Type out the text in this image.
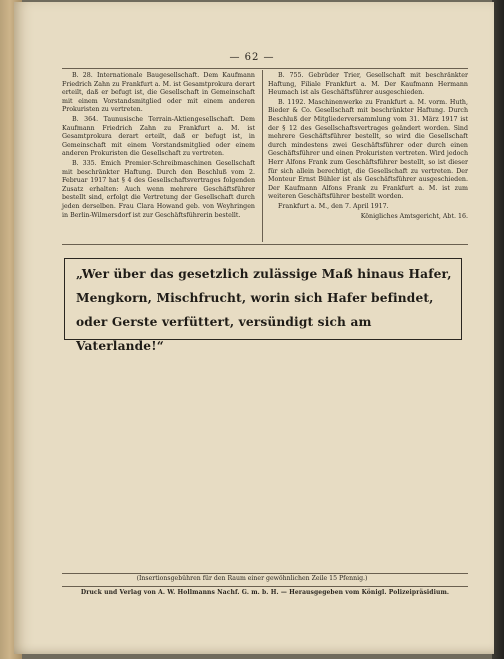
— 62 —

B. 28. Internationale Baugesellschaft. Dem Kaufmann Friedrich Zahn zu Frankfurt a. M. ist Gesamtprokura derart erteilt, daß er befugt ist, die Gesellschaft in Gemeinschaft mit einem Vorstandsmitglied oder mit einem anderen Prokuristen zu vertreten.

B. 364. Taunusische Terrain-Aktiengesellschaft. Dem Kaufmann Friedrich Zahn zu Frankfurt a. M. ist Gesamtprokura derart erteilt, daß er befugt ist, in Gemeinschaft mit einem Vorstandsmitglied oder einem anderen Prokuristen die Gesellschaft zu vertreten.

B. 335. Emich Premier-Schreibmaschinen Gesellschaft mit beschränkter Haftung. Durch den Beschluß vom 2. Februar 1917 hat § 4 des Gesellschaftsvertrages folgenden Zusatz erhalten: Auch wenn mehrere Geschäftsführer bestellt sind, erfolgt die Vertretung der Gesellschaft durch jeden derselben. Frau Clara Howand geb. von Weyhringen in Berlin-Wilmersdorf ist zur Geschäftsführerin bestellt.

B. 755. Gebrüder Trier, Gesellschaft mit beschränkter Haftung, Filiale Frankfurt a. M. Der Kaufmann Hermann Heumach ist als Geschäftsführer ausgeschieden.

B. 1192. Maschinenwerke zu Frankfurt a. M. vorm. Huth, Bieder & Co. Gesellschaft mit beschränkter Haftung. Durch Beschluß der Mitgliederversammlung vom 31. März 1917 ist der § 12 des Gesellschaftsvertrages geändert worden. Sind mehrere Geschäftsführer bestellt, so wird die Gesellschaft durch mindestens zwei Geschäftsführer oder durch einen Geschäftsführer und einen Prokuristen vertreten. Wird jedoch Herr Alfons Frank zum Geschäftsführer bestellt, so ist dieser für sich allein berechtigt, die Gesellschaft zu vertreten. Der Monteur Ernst Bühler ist als Geschäftsführer ausgeschieden. Der Kaufmann Alfons Frank zu Frankfurt a. M. ist zum weiteren Geschäftsführer bestellt worden.

Frankfurt a. M., den 7. April 1917.

Königliches Amtsgericht, Abt. 16.

„Wer über das gesetzlich zulässige Maß hinaus Hafer, Mengkorn, Mischfrucht, worin sich Hafer befindet, oder Gerste verfüttert, versündigt sich am Vaterlande!“
(Insertionsgebühren für den Raum einer gewöhnlichen Zeile 15 Pfennig.)
Druck und Verlag von A. W. Hollmanns Nachf. G. m. b. H. — Herausgegeben vom Königl. Polizeipräsidium.
